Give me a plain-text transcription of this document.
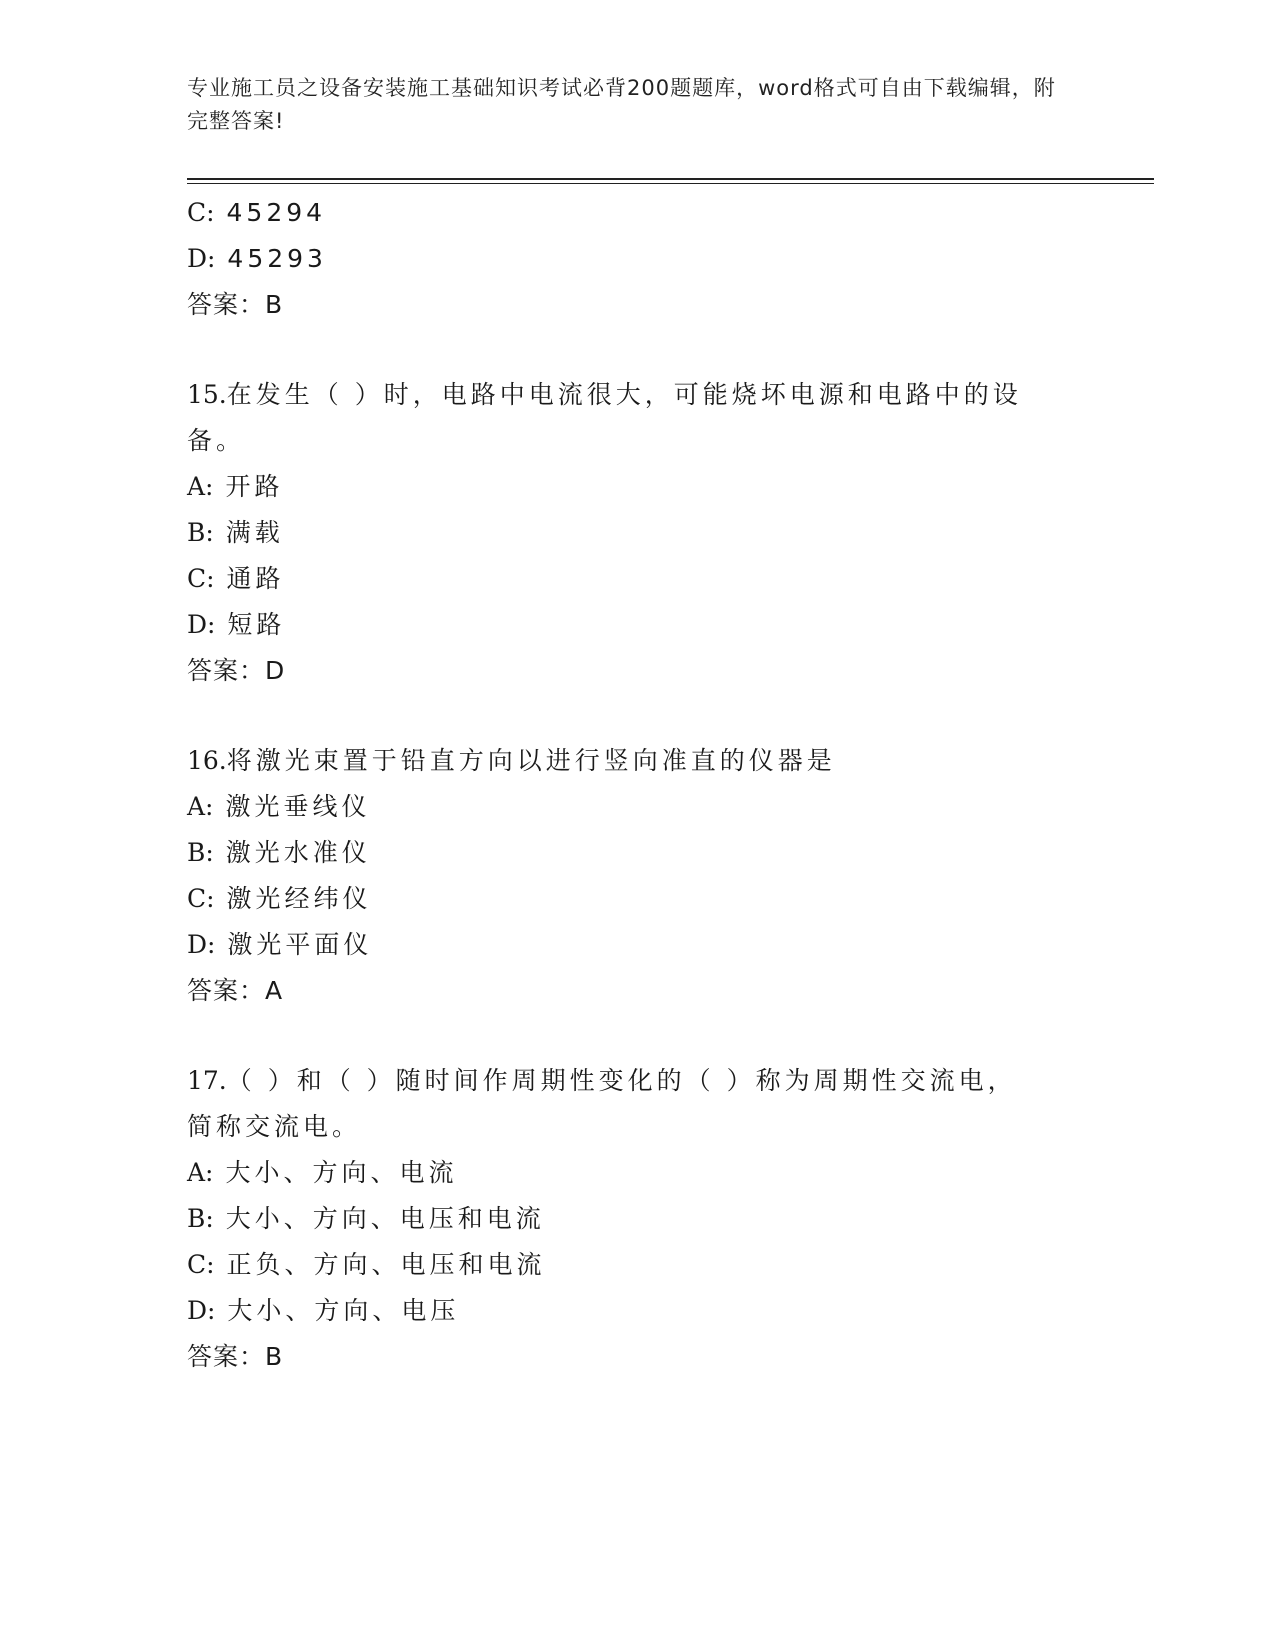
专业施工员之设备安装施工基础知识考试必背200题题库，word格式可自由下载编辑，附完整答案!
C: 45294
D: 45293
答案：B
15.在发生（ ）时，电路中电流很大，可能烧坏电源和电路中的设备。
A: 开路
B: 满载
C: 通路
D: 短路
答案：D
16.将激光束置于铅直方向以进行竖向准直的仪器是
A: 激光垂线仪
B: 激光水准仪
C: 激光经纬仪
D: 激光平面仪
答案：A
17.（ ）和（ ）随时间作周期性变化的（ ）称为周期性交流电，简称交流电。
A: 大小、方向、电流
B: 大小、方向、电压和电流
C: 正负、方向、电压和电流
D: 大小、方向、电压
答案：B
